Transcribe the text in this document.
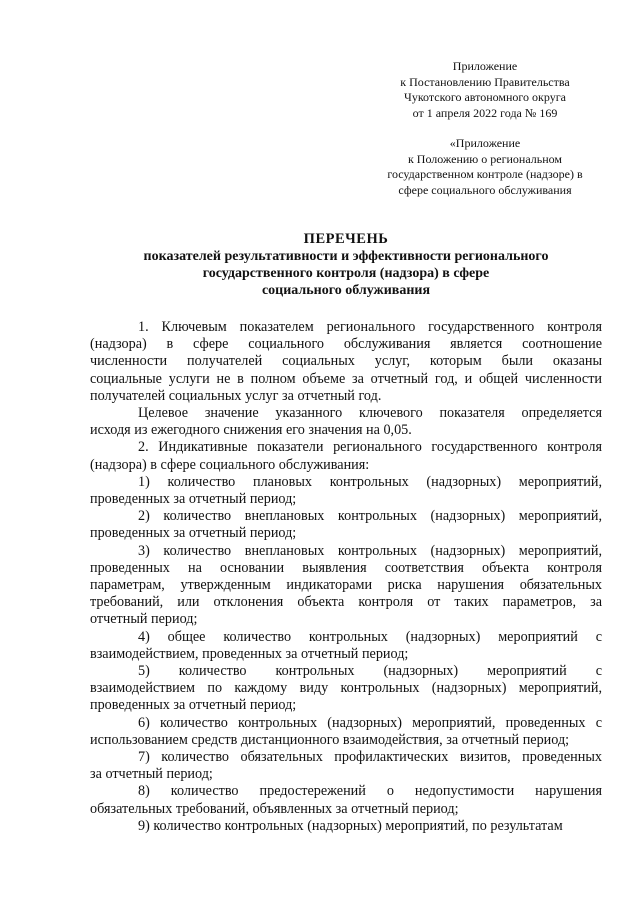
Приложение
к Постановлению Правительства
Чукотского автономного округа
от 1 апреля 2022 года № 169
«Приложение
к Положению о региональном
государственном контроле (надзоре) в
сфере социального обслуживания
ПЕРЕЧЕНЬ
показателей результативности и эффективности регионального
государственного контроля (надзора) в сфере
социального облуживания
1. Ключевым показателем регионального государственного контроля
(надзора) в сфере социального обслуживания является соотношение
численности получателей социальных услуг, которым были оказаны
социальные услуги не в полном объеме за отчетный год, и общей численности
получателей социальных услуг за отчетный год.
Целевое значение указанного ключевого показателя определяется
исходя из ежегодного снижения его значения на 0,05.
2. Индикативные показатели регионального государственного контроля
(надзора) в сфере социального обслуживания:
1) количество плановых контрольных (надзорных) мероприятий,
проведенных за отчетный период;
2) количество внеплановых контрольных (надзорных) мероприятий,
проведенных за отчетный период;
3) количество внеплановых контрольных (надзорных) мероприятий,
проведенных на основании выявления соответствия объекта контроля
параметрам, утвержденным индикаторами риска нарушения обязательных
требований, или отклонения объекта контроля от таких параметров, за
отчетный период;
4) общее количество контрольных (надзорных) мероприятий с
взаимодействием, проведенных за отчетный период;
5) количество контрольных (надзорных) мероприятий с
взаимодействием по каждому виду контрольных (надзорных) мероприятий,
проведенных за отчетный период;
6) количество контрольных (надзорных) мероприятий, проведенных с
использованием средств дистанционного взаимодействия, за отчетный период;
7) количество обязательных профилактических визитов, проведенных
за отчетный период;
8) количество предостережений о недопустимости нарушения
обязательных требований, объявленных за отчетный период;
9) количество контрольных (надзорных) мероприятий, по результатам
